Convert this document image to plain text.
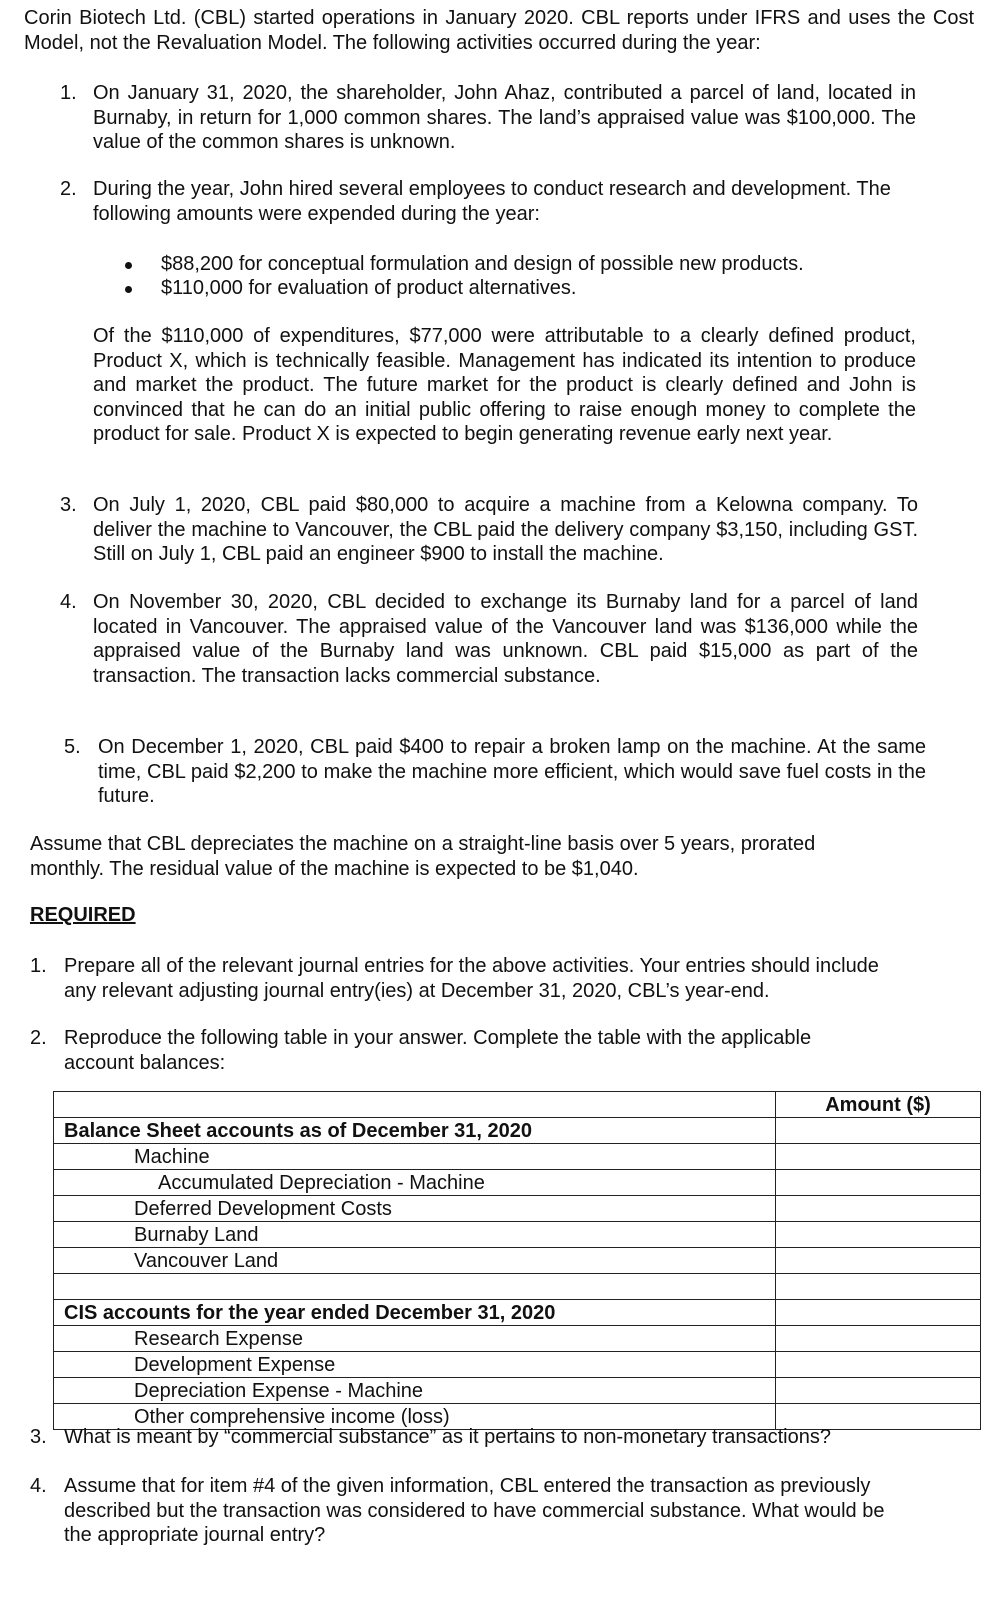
Corin Biotech Ltd. (CBL) started operations in January 2020. CBL reports under IFRS and uses the Cost Model, not the Revaluation Model. The following activities occurred during the year:
1. On January 31, 2020, the shareholder, John Ahaz, contributed a parcel of land, located in Burnaby, in return for 1,000 common shares. The land’s appraised value was $100,000. The value of the common shares is unknown.
2. During the year, John hired several employees to conduct research and development. The following amounts were expended during the year:
$88,200 for conceptual formulation and design of possible new products.
$110,000 for evaluation of product alternatives.
Of the $110,000 of expenditures, $77,000 were attributable to a clearly defined product, Product X, which is technically feasible. Management has indicated its intention to produce and market the product. The future market for the product is clearly defined and John is convinced that he can do an initial public offering to raise enough money to complete the product for sale. Product X is expected to begin generating revenue early next year.
3. On July 1, 2020, CBL paid $80,000 to acquire a machine from a Kelowna company. To deliver the machine to Vancouver, the CBL paid the delivery company $3,150, including GST. Still on July 1, CBL paid an engineer $900 to install the machine.
4. On November 30, 2020, CBL decided to exchange its Burnaby land for a parcel of land located in Vancouver. The appraised value of the Vancouver land was $136,000 while the appraised value of the Burnaby land was unknown. CBL paid $15,000 as part of the transaction. The transaction lacks commercial substance.
5. On December 1, 2020, CBL paid $400 to repair a broken lamp on the machine. At the same time, CBL paid $2,200 to make the machine more efficient, which would save fuel costs in the future.
Assume that CBL depreciates the machine on a straight-line basis over 5 years, prorated monthly. The residual value of the machine is expected to be $1,040.
REQUIRED
1. Prepare all of the relevant journal entries for the above activities. Your entries should include any relevant adjusting journal entry(ies) at December 31, 2020, CBL’s year-end.
2. Reproduce the following table in your answer. Complete the table with the applicable account balances:
	Amount ($)
Balance Sheet accounts as of December 31, 2020	
Machine	
Accumulated Depreciation - Machine	
Deferred Development Costs	
Burnaby Land	
Vancouver Land	

CIS accounts for the year ended December 31, 2020	
Research Expense	
Development Expense	
Depreciation Expense - Machine	
Other comprehensive income (loss)	
3. What is meant by “commercial substance” as it pertains to non-monetary transactions?
4. Assume that for item #4 of the given information, CBL entered the transaction as previously described but the transaction was considered to have commercial substance. What would be the appropriate journal entry?
